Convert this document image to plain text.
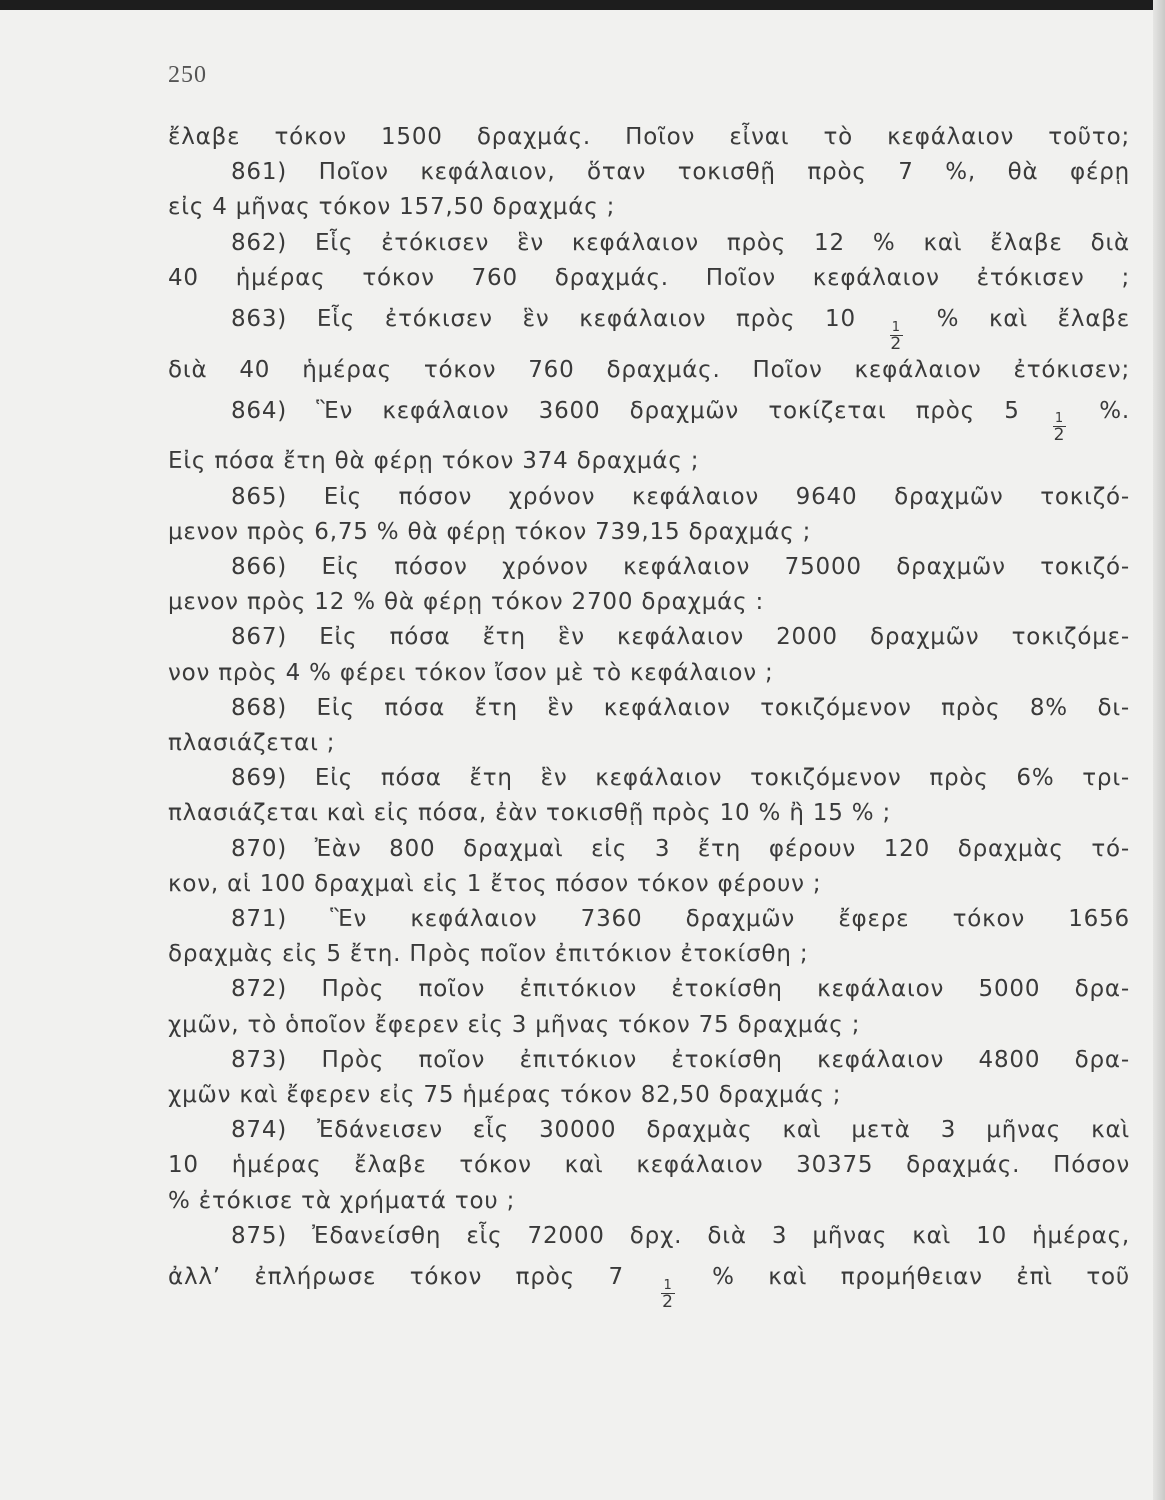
250
ἔλαβε τόκον 1500 δραχμάς. Ποῖον εἶναι τὸ κεφάλαιον τοῦτο;
861) Ποῖον κεφάλαιον, ὅταν τοκισθῇ πρὸς 7 %, θὰ φέρῃ
εἰς 4 μῆνας τόκον 157,50 δραχμάς ;
862) Εἷς ἐτόκισεν ἓν κεφάλαιον πρὸς 12 % καὶ ἔλαβε διὰ
40 ἡμέρας τόκον 760 δραχμάς. Ποῖον κεφάλαιον ἐτόκισεν ;
863) Εἷς ἐτόκισεν ἓν κεφάλαιον πρὸς 10
$\frac{1}{2}$
% καὶ ἔλαβε
διὰ 40 ἡμέρας τόκον 760 δραχμάς. Ποῖον κεφάλαιον ἐτόκισεν;
864) Ἓν κεφάλαιον 3600 δραχμῶν τοκίζεται πρὸς 5
$\frac{1}{2}$
%.
Εἰς πόσα ἔτη θὰ φέρῃ τόκον 374 δραχμάς ;
865) Εἰς πόσον χρόνον κεφάλαιον 9640 δραχμῶν τοκιζό-
μενον πρὸς 6,75 % θὰ φέρῃ τόκον 739,15 δραχμάς ;
866) Εἰς πόσον χρόνον κεφάλαιον 75000 δραχμῶν τοκιζό-
μενον πρὸς 12 % θὰ φέρῃ τόκον 2700 δραχμάς :
867) Εἰς πόσα ἔτη ἓν κεφάλαιον 2000 δραχμῶν τοκιζόμε-
νον πρὸς 4 % φέρει τόκον ἴσον μὲ τὸ κεφάλαιον ;
868) Εἰς πόσα ἔτη ἓν κεφάλαιον τοκιζόμενον πρὸς 8% δι-
πλασιάζεται ;
869) Εἰς πόσα ἔτη ἓν κεφάλαιον τοκιζόμενον πρὸς 6% τρι-
πλασιάζεται καὶ εἰς πόσα, ἐὰν τοκισθῇ πρὸς 10 % ἢ 15 % ;
870) Ἐὰν 800 δραχμαὶ εἰς 3 ἔτη φέρουν 120 δραχμὰς τό-
κον, αἱ 100 δραχμαὶ εἰς 1 ἔτος πόσον τόκον φέρουν ;
871) Ἓν κεφάλαιον 7360 δραχμῶν ἔφερε τόκον 1656
δραχμὰς εἰς 5 ἔτη. Πρὸς ποῖον ἐπιτόκιον ἐτοκίσθη ;
872) Πρὸς ποῖον ἐπιτόκιον ἐτοκίσθη κεφάλαιον 5000 δρα-
χμῶν, τὸ ὁποῖον ἔφερεν εἰς 3 μῆνας τόκον 75 δραχμάς ;
873) Πρὸς ποῖον ἐπιτόκιον ἐτοκίσθη κεφάλαιον 4800 δρα-
χμῶν καὶ ἔφερεν εἰς 75 ἡμέρας τόκον 82,50 δραχμάς ;
874) Ἐδάνεισεν εἷς 30000 δραχμὰς καὶ μετὰ 3 μῆνας καὶ
10 ἡμέρας ἔλαβε τόκον καὶ κεφάλαιον 30375 δραχμάς. Πόσον
% ἐτόκισε τὰ χρήματά του ;
875) Ἐδανείσθη εἷς 72000 δρχ. διὰ 3 μῆνας καὶ 10 ἡμέρας,
ἀλλ’ ἐπλήρωσε τόκον πρὸς 7
$\frac{1}{2}$
% καὶ προμήθειαν ἐπὶ τοῦ
